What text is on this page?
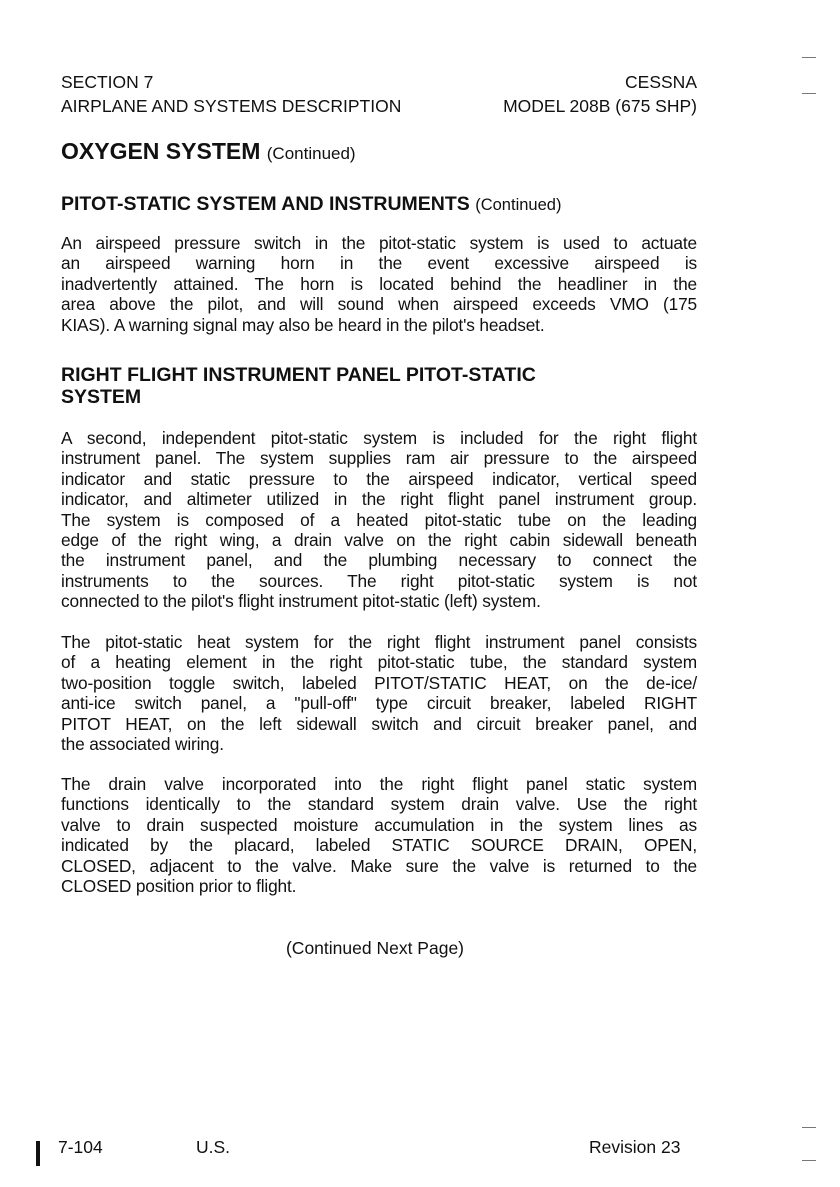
SECTION 7	CESSNA
AIRPLANE AND SYSTEMS DESCRIPTION	MODEL 208B (675 SHP)
OXYGEN SYSTEM (Continued)
PITOT-STATIC SYSTEM AND INSTRUMENTS (Continued)
An airspeed pressure switch in the pitot-static system is used to actuate
an airspeed warning horn in the event excessive airspeed is
inadvertently attained. The horn is located behind the headliner in the
area above the pilot, and will sound when airspeed exceeds VMO (175
KIAS). A warning signal may also be heard in the pilot's headset.
RIGHT FLIGHT INSTRUMENT PANEL PITOT-STATIC
SYSTEM
A second, independent pitot-static system is included for the right flight
instrument panel. The system supplies ram air pressure to the airspeed
indicator and static pressure to the airspeed indicator, vertical speed
indicator, and altimeter utilized in the right flight panel instrument group.
The system is composed of a heated pitot-static tube on the leading
edge of the right wing, a drain valve on the right cabin sidewall beneath
the instrument panel, and the plumbing necessary to connect the
instruments to the sources. The right pitot-static system is not
connected to the pilot's flight instrument pitot-static (left) system.
The pitot-static heat system for the right flight instrument panel consists
of a heating element in the right pitot-static tube, the standard system
two-position toggle switch, labeled PITOT/STATIC HEAT, on the de-ice/
anti-ice switch panel, a "pull-off" type circuit breaker, labeled RIGHT
PITOT HEAT, on the left sidewall switch and circuit breaker panel, and
the associated wiring.
The drain valve incorporated into the right flight panel static system
functions identically to the standard system drain valve. Use the right
valve to drain suspected moisture accumulation in the system lines as
indicated by the placard, labeled STATIC SOURCE DRAIN, OPEN,
CLOSED, adjacent to the valve. Make sure the valve is returned to the
CLOSED position prior to flight.
(Continued Next Page)
7-104	U.S.	Revision 23
